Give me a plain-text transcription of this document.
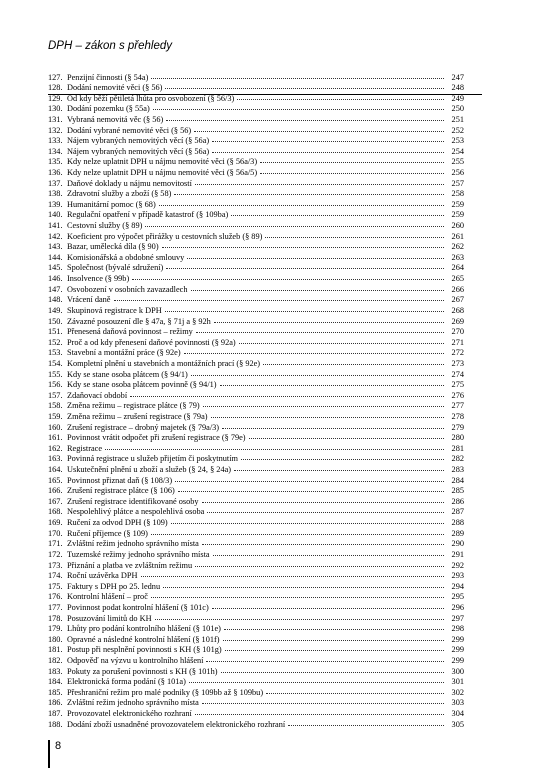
DPH – zákon s přehledy
127. Penzijní činnosti (§ 54a)	247
128. Dodání nemovité věci (§ 56)	248
129. Od kdy běží pětiletá lhůta pro osvobození (§ 56/3)	249
130. Dodání pozemku (§ 55a)	250
131. Vybraná nemovitá věc (§ 56)	251
132. Dodání vybrané nemovité věci (§ 56)	252
133. Nájem vybraných nemovitých věcí (§ 56a)	253
134. Nájem vybraných nemovitých věcí (§ 56a)	254
135. Kdy nelze uplatnit DPH u nájmu nemovité věci (§ 56a/3)	255
136. Kdy nelze uplatnit DPH u nájmu nemovité věci (§ 56a/5)	256
137. Daňové doklady u nájmu nemovitostí	257
138. Zdravotní služby a zboží (§ 58)	258
139. Humanitární pomoc (§ 68)	259
140. Regulační opatření v případě katastrof (§ 109ba)	259
141. Cestovní služby (§ 89)	260
142. Koeficient pro výpočet přirážky u cestovních služeb (§ 89)	261
143. Bazar, umělecká díla (§ 90)	262
144. Komisionářská a obdobné smlouvy	263
145. Společnost (bývalé sdružení)	264
146. Insolvence (§ 99b)	265
147. Osvobození v osobních zavazadlech	266
148. Vrácení daně	267
149. Skupinová registrace k DPH	268
150. Závazné posouzení dle § 47a, § 71j a § 92h	269
151. Přenesená daňová povinnost – režimy	270
152. Proč a od kdy přenesení daňové povinnosti (§ 92a)	271
153. Stavební a montážní práce (§ 92e)	272
154. Kompletní plnění u stavebních a montážních prací (§ 92e)	273
155. Kdy se stane osoba plátcem (§ 94/1)	274
156. Kdy se stane osoba plátcem povinně (§ 94/1)	275
157. Zdaňovací období	276
158. Změna režimu – registrace plátce (§ 79)	277
159. Změna režimu – zrušení registrace (§ 79a)	278
160. Zrušení registrace – drobný majetek (§ 79a/3)	279
161. Povinnost vrátit odpočet při zrušení registrace (§ 79e)	280
162. Registrace	281
163. Povinná registrace u služeb přijetím či poskytnutím	282
164. Uskutečnění plnění u zboží a služeb (§ 24, § 24a)	283
165. Povinnost přiznat daň (§ 108/3)	284
166. Zrušení registrace plátce (§ 106)	285
167. Zrušení registrace identifikované osoby	286
168. Nespolehlivý plátce a nespolehlivá osoba	287
169. Ručení za odvod DPH (§ 109)	288
170. Ručení příjemce (§ 109)	289
171. Zvláštní režim jednoho správního místa	290
172. Tuzemské režimy jednoho správního místa	291
173. Přiznání a platba ve zvláštním režimu	292
174. Roční uzávěrka DPH	293
175. Faktury s DPH po 25. lednu	294
176. Kontrolní hlášení – proč	295
177. Povinnost podat kontrolní hlášení (§ 101c)	296
178. Posuzování limitů do KH	297
179. Lhůty pro podání kontrolního hlášení (§ 101e)	298
180. Opravné a následné kontrolní hlášení (§ 101f)	299
181. Postup při nesplnění povinnosti s KH (§ 101g)	299
182. Odpověď na výzvu u kontrolního hlášení	299
183. Pokuty za porušení povinnosti s KH (§ 101h)	300
184. Elektronická forma podání (§ 101a)	301
185. Přeshraniční režim pro malé podniky (§ 109bb až § 109bu)	302
186. Zvláštní režim jednoho správního místa	303
187. Provozovatel elektronického rozhraní	304
188. Dodání zboží usnadněné provozovatelem elektronického rozhraní	305
8
